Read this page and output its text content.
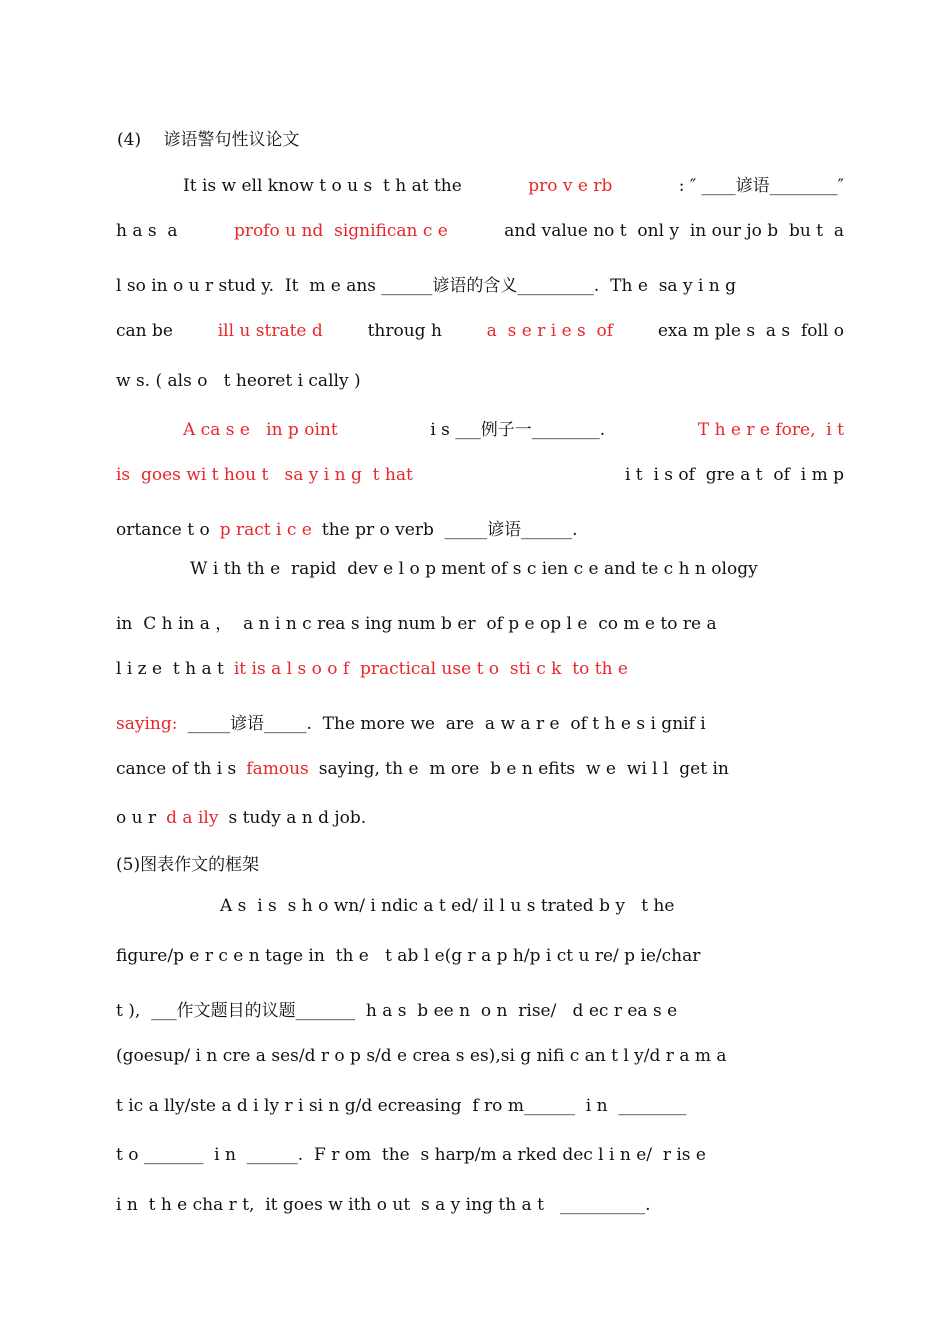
(4)　 谚语警句性议论文
It is w ell know t o u s  t h at the	pro v e rb	: ″ ____谚语________″
h a s  a	profo u nd  significan c e	and value no t  onl y  in our jo b  bu t  a
l so in o u r stud y.  It  m e ans ______谚语的含义_________.  Th e  sa y i n g
can be	ill u strate d	throug h	a  s e r i e s  of	exa m ple s  a s  foll o
w s. ( als o   t heoret i cally )
A ca s e   in p oint	i s ___例子一________.	T h e r e fore,  i t
is  goes wi t hou t   sa y i n g  t hat	i t  i s of  gre a t  of  i m p
ortance t o p ract i c e the pr o verb  _____谚语______.
W i th th e  rapid  dev e l o p ment of s c ien c e and te c h n ology
in  C h in a ，  a n i n c rea s ing num b er  of p e op l e  co m e to re a
l i z e  t h a t it is a l s o o f  practical use t o  sti c k  to th e
saying: _____谚语_____.  The more we  are  a w a r e  of t h e s i gnif i
cance of th i s famous saying, th e  m ore  b e n efits  w e  wi l l  get in
o u r d a ily s tudy a n d job.
(5)图表作文的框架
A s  i s  s h o wn/ i ndic a t ed/ il l u s trated b y   t he
figure/p e r c e n tage in  th e   t ab l e(g r a p h/p i ct u re/ p ie/char
t ),  ___作文题目的议题_______  h a s  b ee n  o n  rise/   d ec r ea s e
(goesup/ i n cre a ses/d r o p s/d e crea s es),si g nifi c an t l y/d r a m a
t ic a lly/ste a d i ly r i si n g/d ecreasing  f ro m______  i n  ________
t o _______  i n  ______.  F r om  the  s harp/m a rked dec l i n e/  r is e
i n  t h e cha r t,  it goes w ith o ut  s a y ing th a t   __________.
